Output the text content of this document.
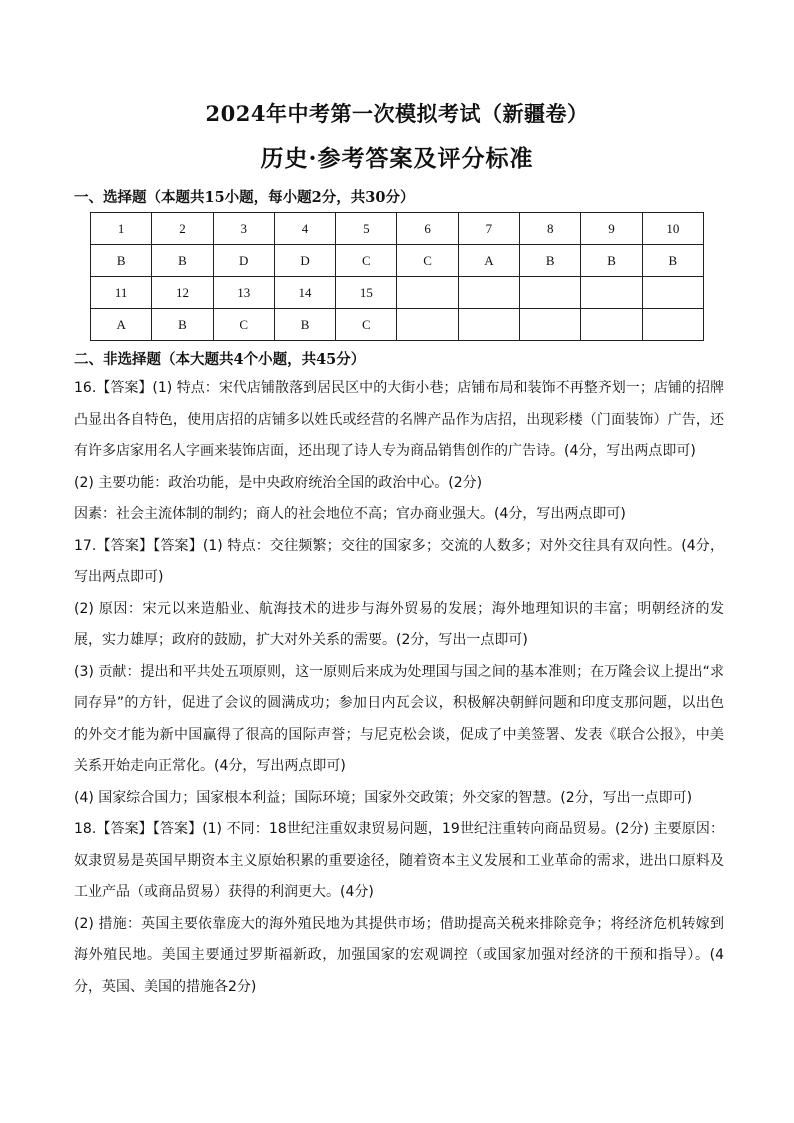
2024年中考第一次模拟考试（新疆卷）
历史·参考答案及评分标准
一、选择题（本题共15小题，每小题2分，共30分）
1	2	3	4	5	6	7	8	9	10
B	B	D	D	C	C	A	B	B	B
11	12	13	14	15					
A	B	C	B	C					
二、非选择题（本大题共4个小题，共45分）

16.【答案】(1) 特点：宋代店铺散落到居民区中的大街小巷；店铺布局和装饰不再整齐划一；店铺的招牌凸显出各自特色，使用店招的店铺多以姓氏或经营的名牌产品作为店招，出现彩楼（门面装饰）广告，还有许多店家用名人字画来装饰店面，还出现了诗人专为商品销售创作的广告诗。(4分，写出两点即可)

(2) 主要功能：政治功能，是中央政府统治全国的政治中心。(2分)

因素：社会主流体制的制约；商人的社会地位不高；官办商业强大。(4分，写出两点即可)

17.【答案】【答案】(1) 特点：交往频繁；交往的国家多；交流的人数多；对外交往具有双向性。(4分，写出两点即可)

(2) 原因：宋元以来造船业、航海技术的进步与海外贸易的发展；海外地理知识的丰富；明朝经济的发展，实力雄厚；政府的鼓励，扩大对外关系的需要。(2分，写出一点即可)

(3) 贡献：提出和平共处五项原则，这一原则后来成为处理国与国之间的基本准则；在万隆会议上提出“求同存异”的方针，促进了会议的圆满成功；参加日内瓦会议，积极解决朝鲜问题和印度支那问题，以出色的外交才能为新中国赢得了很高的国际声誉；与尼克松会谈，促成了中美签署、发表《联合公报》，中美关系开始走向正常化。(4分，写出两点即可)

(4) 国家综合国力；国家根本利益；国际环境；国家外交政策；外交家的智慧。(2分，写出一点即可)

18.【答案】【答案】(1) 不同：18世纪注重奴隶贸易问题，19世纪注重转向商品贸易。(2分) 主要原因：奴隶贸易是英国早期资本主义原始积累的重要途径，随着资本主义发展和工业革命的需求，进出口原料及工业产品（或商品贸易）获得的利润更大。(4分)

(2) 措施：英国主要依靠庞大的海外殖民地为其提供市场；借助提高关税来排除竞争；将经济危机转嫁到海外殖民地。美国主要通过罗斯福新政，加强国家的宏观调控（或国家加强对经济的干预和指导）。(4分，英国、美国的措施各2分)
